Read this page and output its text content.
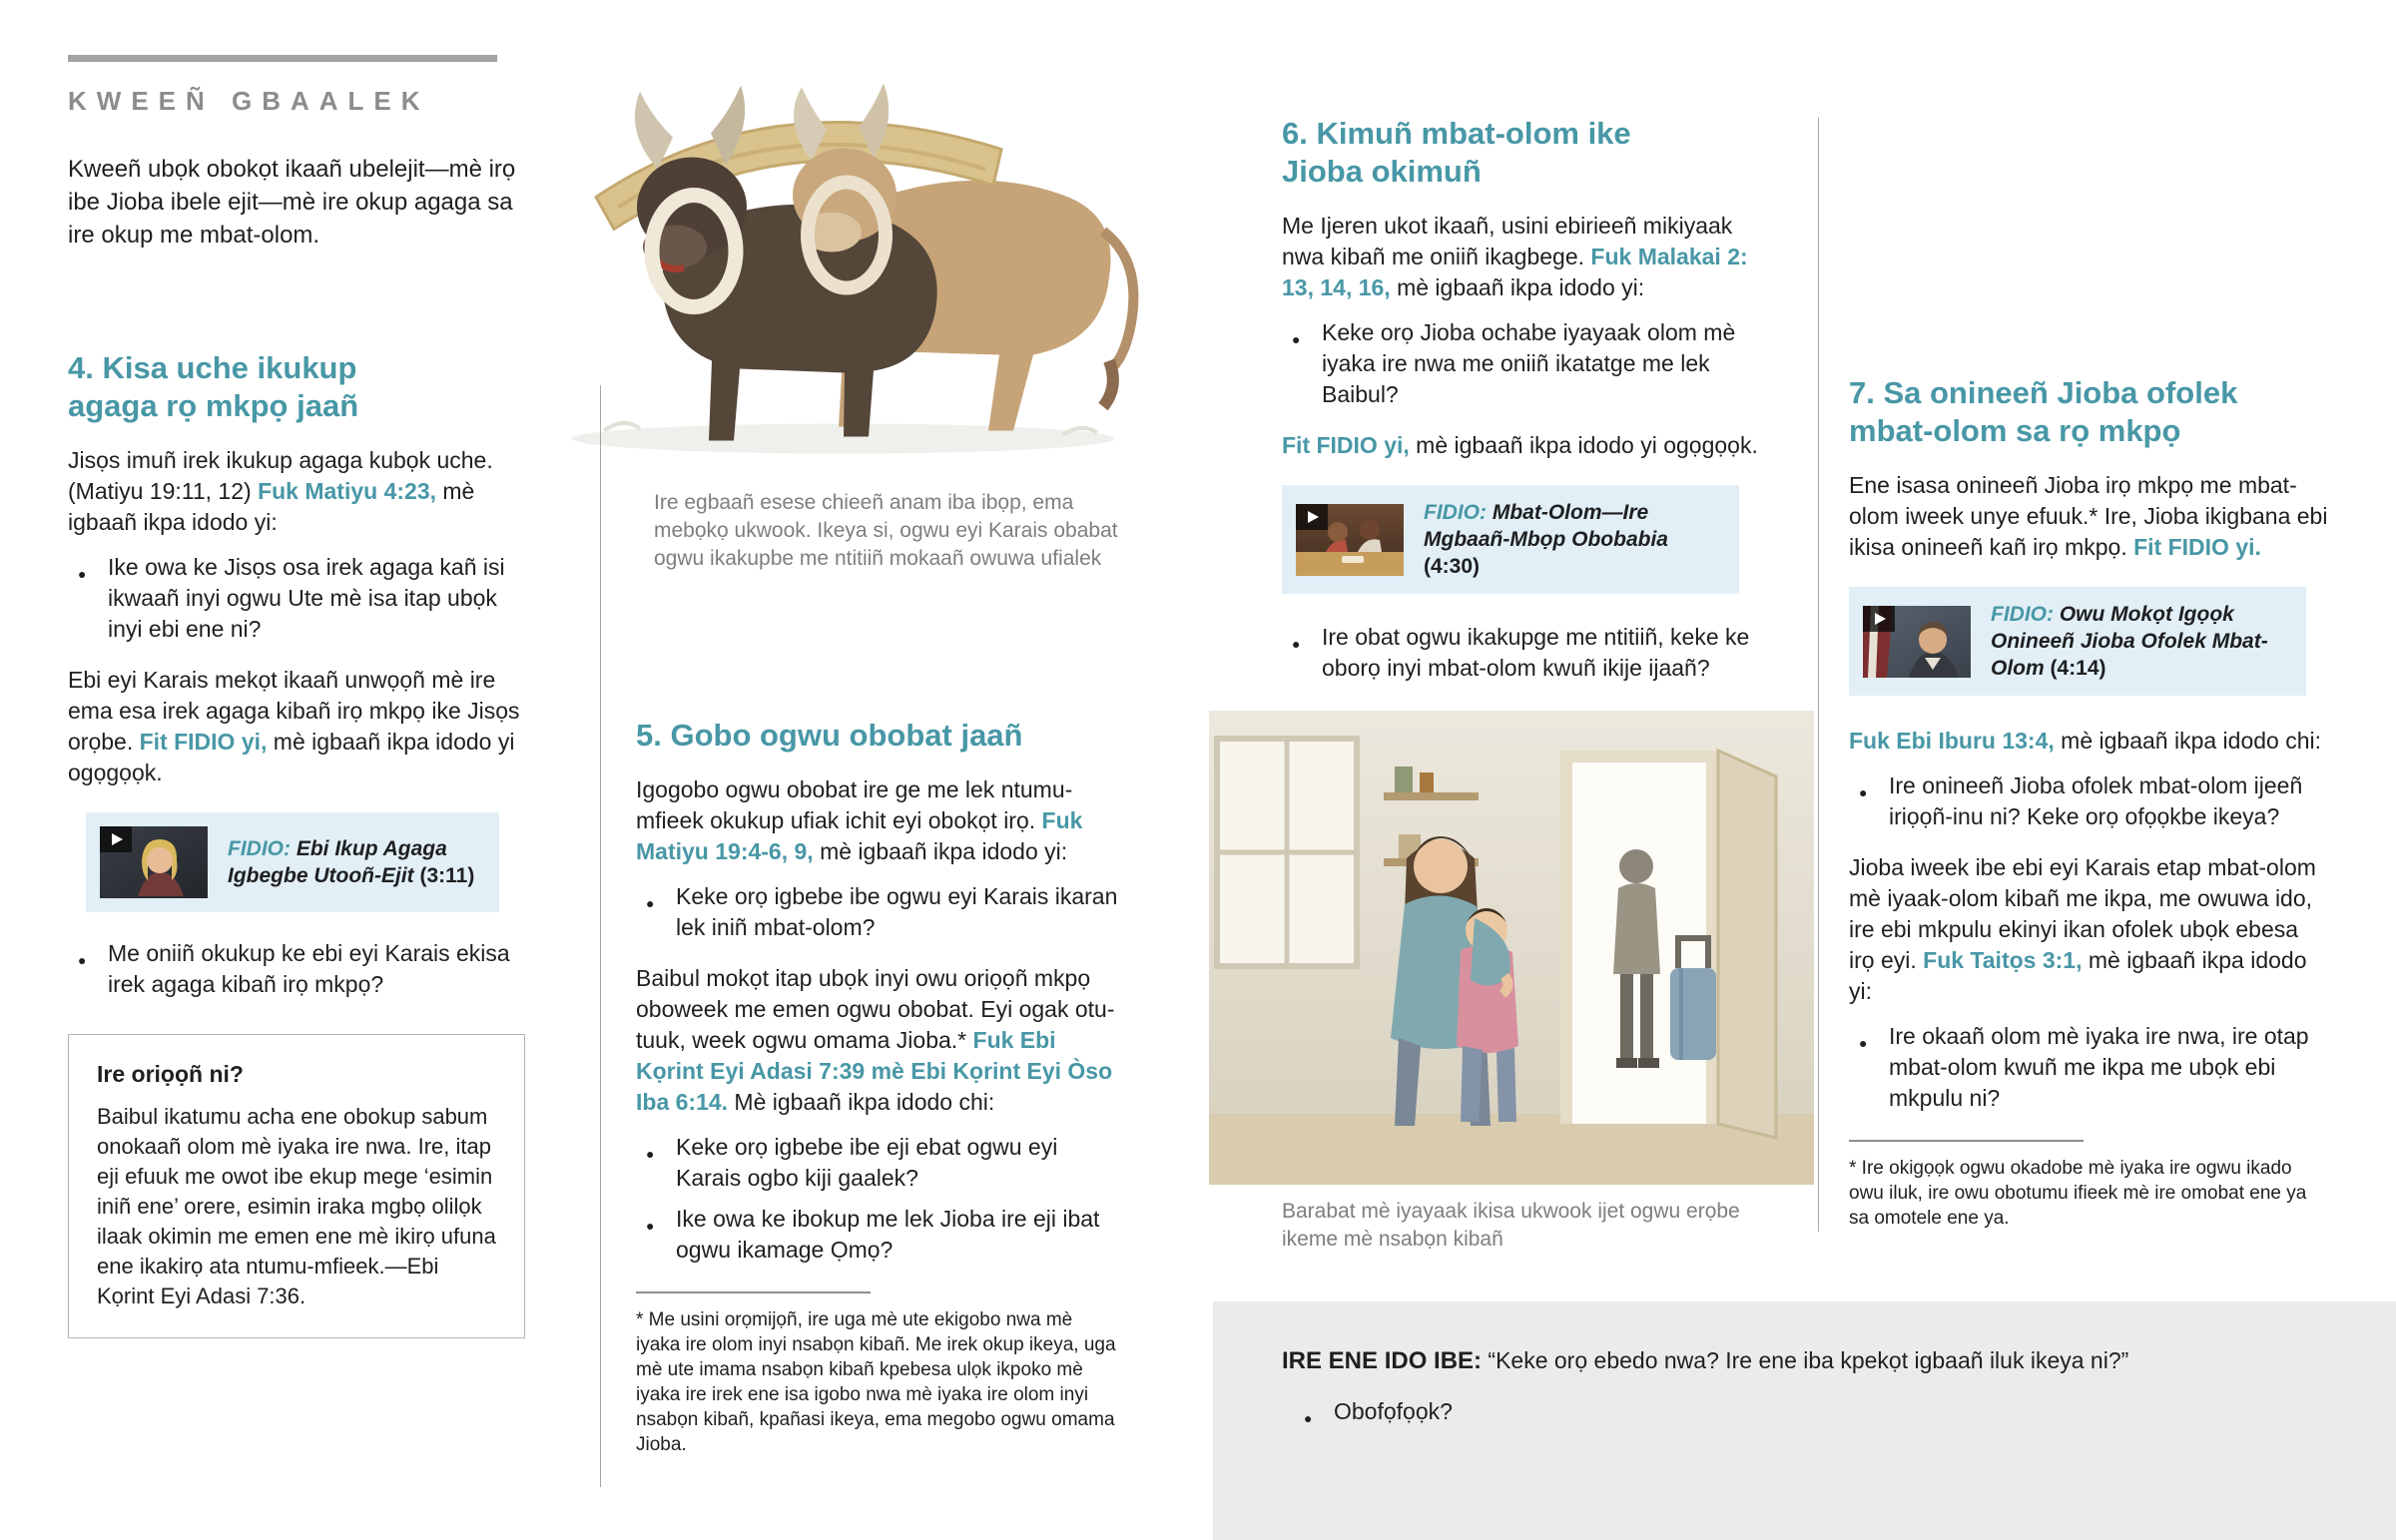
KWEEÑ GBAALEK

Kweeñ ubọk obokọt ikaañ ubelejit—mè irọ ibe Jioba ibele ejit—mè ire okup agaga sa ire okup me mbat-olom.

4. Kisa uche ikukup agaga rọ mkpọ jaañ

Jisọs imuñ irek ikukup agaga kubọk uche. (Matiyu 19:11, 12) Fuk Matiyu 4:23, mè igbaañ ikpa idodo yi:

● Ike owa ke Jisọs osa irek agaga kañ isi ikwaañ inyi ogwu Ute mè isa itap ubọk inyi ebi ene ni?

Ebi eyi Karais mekọt ikaañ unwọọñ mè ire ema esa irek agaga kibañ irọ mkpọ ike Jisọs orọbe. Fit FIDIO yi, mè igbaañ ikpa idodo yi ogọgọọk.

FIDIO: Ebi Ikup Agaga Igbegbe Utooñ-Ejit (3:11)

● Me oniiñ okukup ke ebi eyi Karais ekisa irek agaga kibañ irọ mkpọ?
Ire oriọọñ ni?

Baibul ikatumu acha ene obokup sabum onokaañ olom mè iyaka ire nwa. Ire, itap eji efuuk me owot ibe ekup mege ‘esimin iniñ ene’ orere, esimin iraka mgbọ olilọk ilaak okimin me emen ene mè ikirọ ufuna ene ikakirọ ata ntumu-mfieek.—Ebi Kọrint Eyi Adasi 7:36.

Ire egbaañ esese chieeñ anam iba ibọp, ema mebọkọ ukwook. Ikeya si, ogwu eyi Karais obabat ogwu ikakupbe me ntitiiñ mokaañ owuwa ufialek

5. Gobo ogwu obobat jaañ

Igogobo ogwu obobat ire ge me lek ntumu-mfieek okukup ufiak ichit eyi obokọt irọ. Fuk Matiyu 19:4-6, 9, mè igbaañ ikpa idodo yi:

● Keke orọ igbebe ibe ogwu eyi Karais ikaran lek iniñ mbat-olom?

Baibul mokọt itap ubọk inyi owu oriọọñ mkpọ oboweek me emen ogwu obobat. Eyi ogak otu-tuuk, week ogwu omama Jioba.* Fuk Ebi Kọrint Eyi Adasi 7:39 mè Ebi Kọrint Eyi Òso Iba 6:14. Mè igbaañ ikpa idodo chi:

● Keke orọ igbebe ibe eji ebat ogwu eyi Karais ogbo kiji gaalek?
● Ike owa ke ibokup me lek Jioba ire eji ibat ogwu ikamage Ọmọ?

* Me usini orọmijọñ, ire uga mè ute ekigobo nwa mè iyaka ire olom inyi nsabọn kibañ. Me irek okup ikeya, uga mè ute imama nsabọn kibañ kpebesa ulọk ikpoko mè iyaka ire irek ene isa igobo nwa mè iyaka ire olom inyi nsabọn kibañ, kpañasi ikeya, ema megobo ogwu omama Jioba.

6. Kimuñ mbat-olom ike Jioba okimuñ

Me Ijeren ukot ikaañ, usini ebirieeñ mikiyaak nwa kibañ me oniiñ ikagbege. Fuk Malakai 2: 13, 14, 16, mè igbaañ ikpa idodo yi:

● Keke orọ Jioba ochabe iyayaak olom mè iyaka ire nwa me oniiñ ikatatge me lek Baibul?

Fit FIDIO yi, mè igbaañ ikpa idodo yi ogọgọọk.

FIDIO: Mbat-Olom—Ire Mgbaañ-Mbọp Obobabia (4:30)

● Ire obat ogwu ikakupge me ntitiiñ, keke ke oborọ inyi mbat-olom kwuñ ikije ijaañ?

Barabat mè iyayaak ikisa ukwook ijet ogwu erọbe ikeme mè nsabọn kibañ

7. Sa onineeñ Jioba ofolek mbat-olom sa rọ mkpọ

Ene isasa onineeñ Jioba irọ mkpọ me mbat-olom iweek unye efuuk.* Ire, Jioba ikigbana ebi ikisa onineeñ kañ irọ mkpọ. Fit FIDIO yi.

FIDIO: Owu Mokọt Igọọk Onineeñ Jioba Ofolek Mbat-Olom (4:14)

Fuk Ebi Iburu 13:4, mè igbaañ ikpa idodo chi:

● Ire onineeñ Jioba ofolek mbat-olom ijeeñ iriọọñ-inu ni? Keke orọ ofọọkbe ikeya?

Jioba iweek ibe ebi eyi Karais etap mbat-olom mè iyaak-olom kibañ me ikpa, me owuwa ido, ire ebi mkpulu ekinyi ikan ofolek ubọk ebesa irọ eyi. Fuk Taitọs 3:1, mè igbaañ ikpa idodo yi:

● Ire okaañ olom mè iyaka ire nwa, ire otap mbat-olom kwuñ me ikpa me ubọk ebi mkpulu ni?

* Ire okigọọk ogwu okadobe mè iyaka ire ogwu ikado owu iluk, ire owu obotumu ifieek mè ire omobat ene ya sa omotele ene ya.

IRE ENE IDO IBE: “Keke orọ ebedo nwa? Ire ene iba kpekọt igbaañ iluk ikeya ni?”

● Obofọfọọk?
